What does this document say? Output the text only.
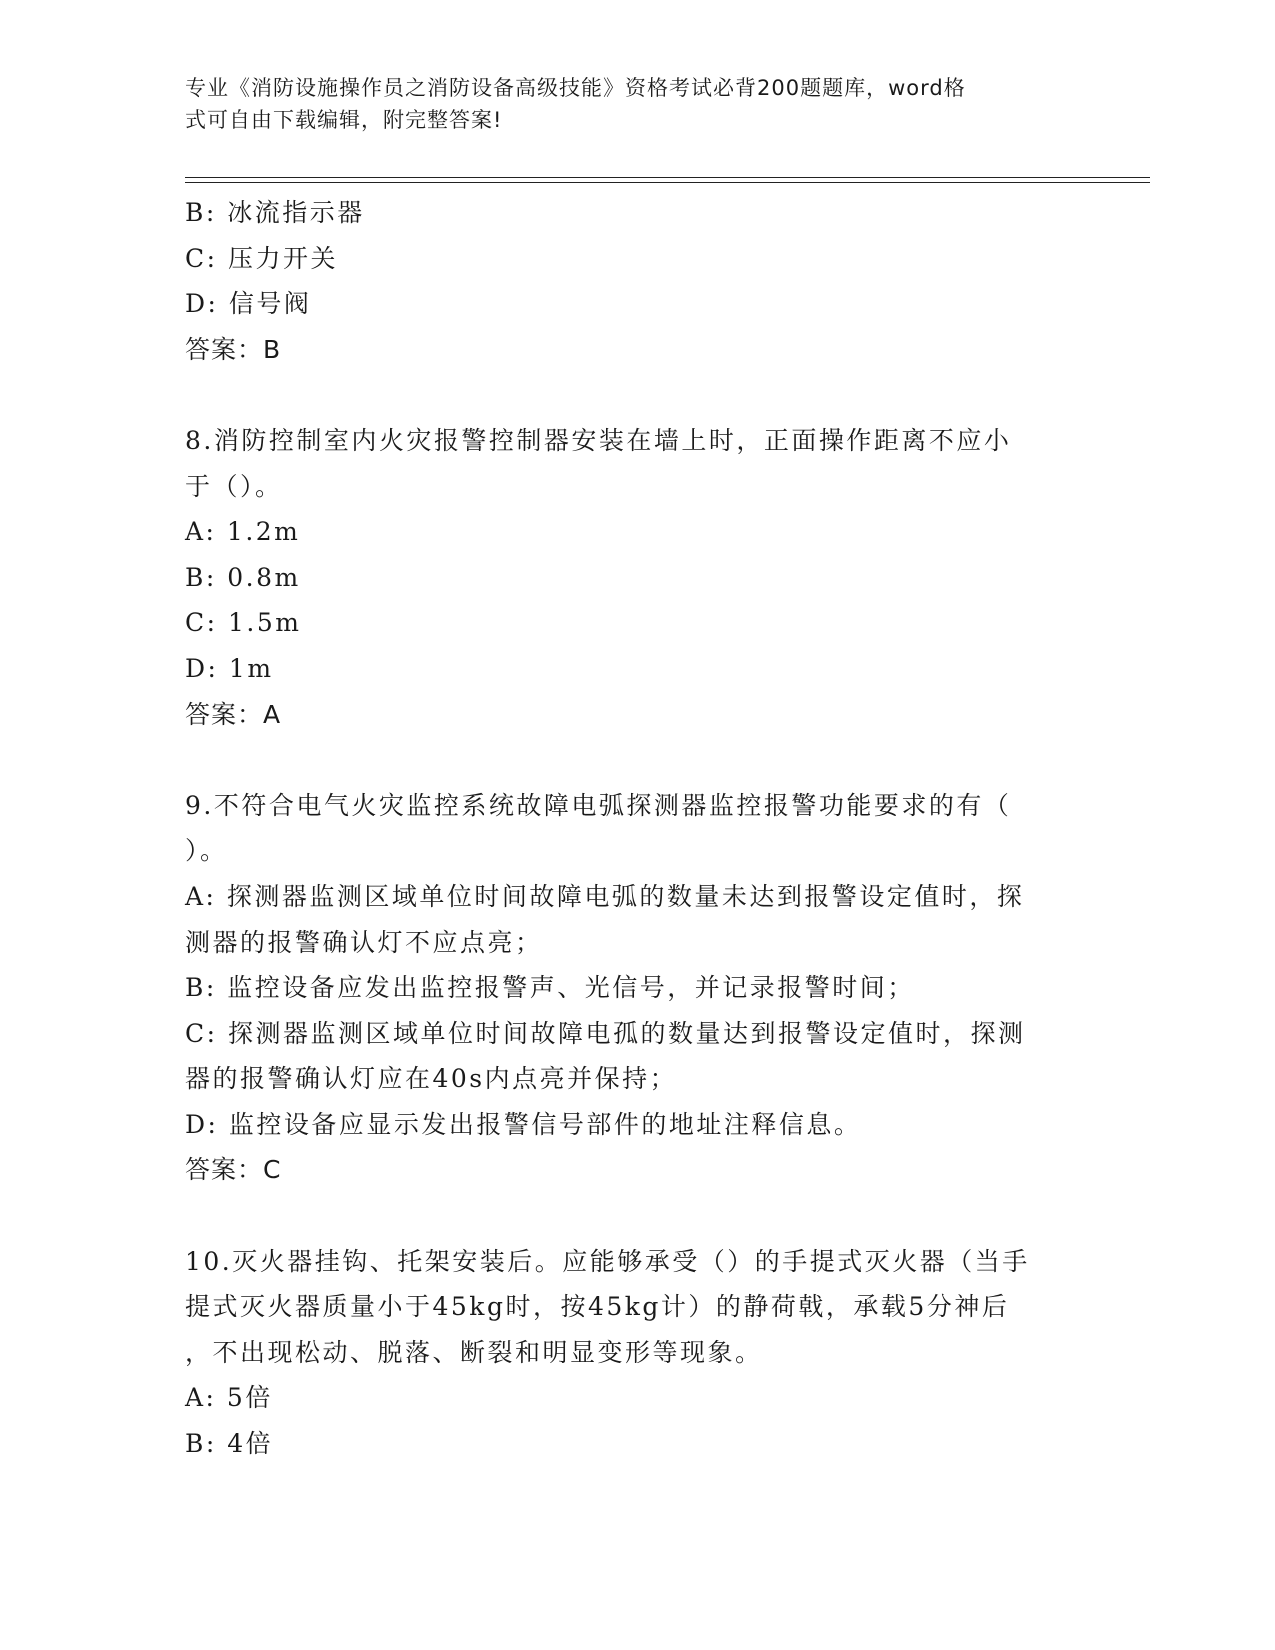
专业《消防设施操作员之消防设备高级技能》资格考试必背200题题库，word格
式可自由下载编辑，附完整答案!
B: 冰流指示器
C: 压力开关
D: 信号阀
答案：B
8.消防控制室内火灾报警控制器安装在墙上时，正面操作距离不应小
于（）。
A: 1.2m
B: 0.8m
C: 1.5m
D: 1m
答案：A
9.不符合电气火灾监控系统故障电弧探测器监控报警功能要求的有（
）。
A: 探测器监测区域单位时间故障电弧的数量未达到报警设定值时，探
测器的报警确认灯不应点亮；
B: 监控设备应发出监控报警声、光信号，并记录报警时间；
C: 探测器监测区域单位时间故障电孤的数量达到报警设定值时，探测
器的报警确认灯应在40s内点亮并保持；
D: 监控设备应显示发出报警信号部件的地址注释信息。
答案：C
10.灭火器挂钩、托架安装后。应能够承受（）的手提式灭火器（当手
提式灭火器质量小于45kg时，按45kg计）的静荷戟，承载5分神后
，不出现松动、脱落、断裂和明显变形等现象。
A: 5倍
B: 4倍
